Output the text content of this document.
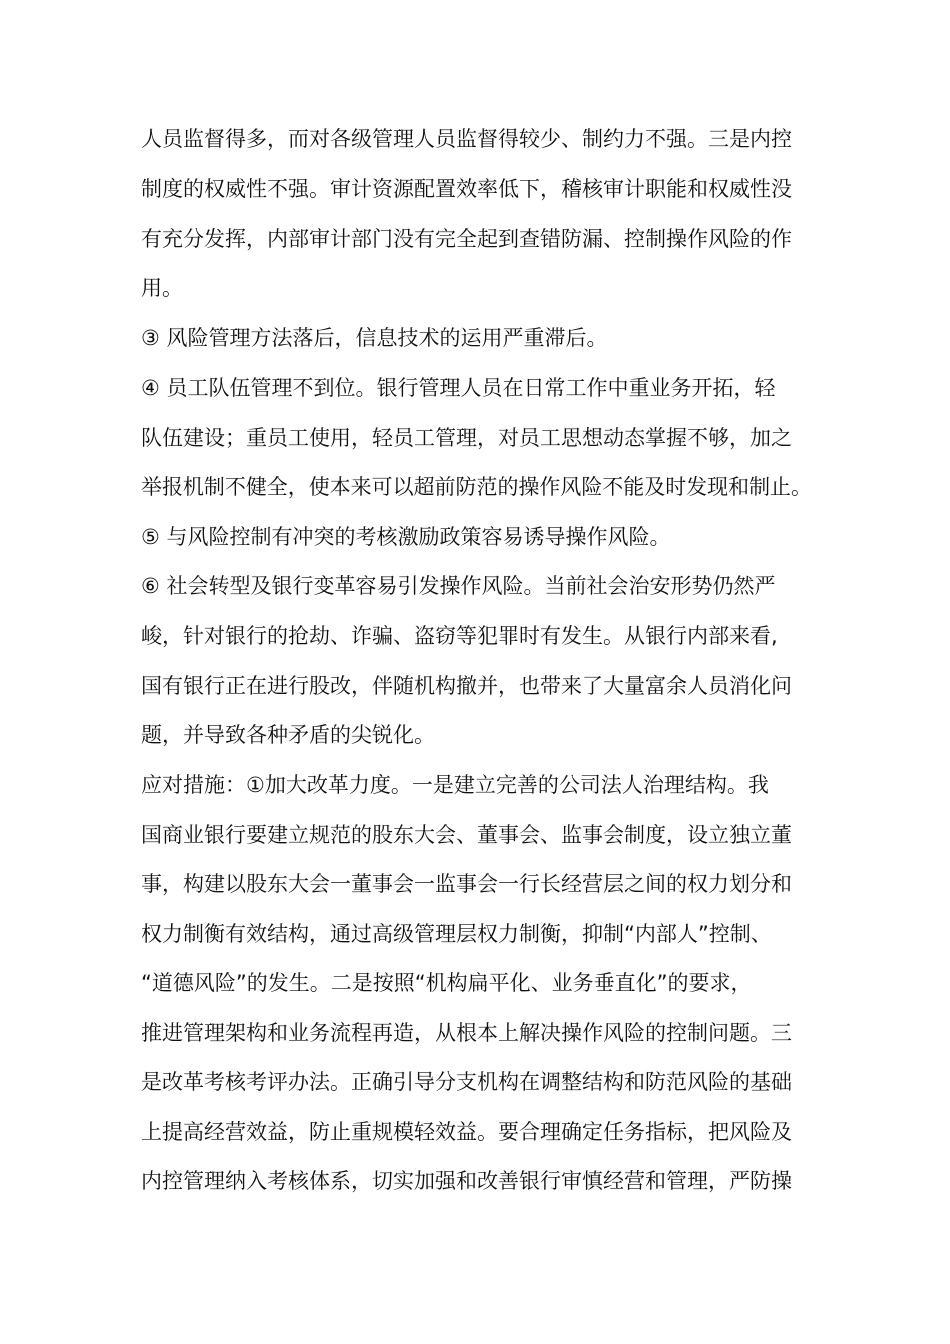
人员监督得多，而对各级管理人员监督得较少、制约力不强。三是内控

制度的权威性不强。审计资源配置效率低下，稽核审计职能和权威性没

有充分发挥，内部审计部门没有完全起到查错防漏、控制操作风险的作

用。

③ 风险管理方法落后，信息技术的运用严重滞后。

④ 员工队伍管理不到位。银行管理人员在日常工作中重业务开拓，轻

队伍建设；重员工使用，轻员工管理，对员工思想动态掌握不够，加之

举报机制不健全，使本来可以超前防范的操作风险不能及时发现和制止。

⑤ 与风险控制有冲突的考核激励政策容易诱导操作风险。

⑥ 社会转型及银行变革容易引发操作风险。当前社会治安形势仍然严

峻，针对银行的抢劫、诈骗、盗窃等犯罪时有发生。从银行内部来看,

国有银行正在进行股改，伴随机构撤并，也带来了大量富余人员消化问

题，并导致各种矛盾的尖锐化。

应对措施：①加大改革力度。一是建立完善的公司法人治理结构。我

国商业银行要建立规范的股东大会、董事会、监事会制度，设立独立董

事，构建以股东大会一董事会一监事会一行长经营层之间的权力划分和

权力制衡有效结构，通过高级管理层权力制衡，抑制“内部人”控制、

“道德风险”的发生。二是按照“机构扁平化、业务垂直化”的要求，

推进管理架构和业务流程再造，从根本上解决操作风险的控制问题。三

是改革考核考评办法。正确引导分支机构在调整结构和防范风险的基础

上提高经营效益，防止重规模轻效益。要合理确定任务指标，把风险及

内控管理纳入考核体系，切实加强和改善银行审慎经营和管理，严防操
